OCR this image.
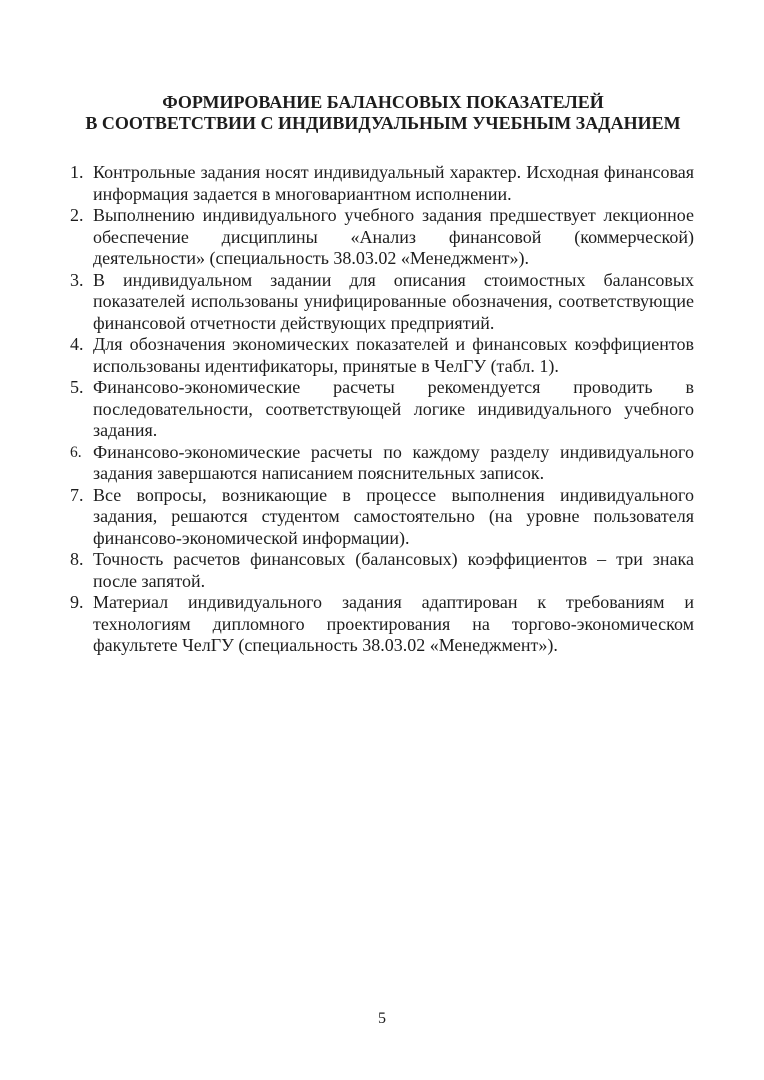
ФОРМИРОВАНИЕ БАЛАНСОВЫХ ПОКАЗАТЕЛЕЙ
В СООТВЕТСТВИИ С ИНДИВИДУАЛЬНЫМ УЧЕБНЫМ ЗАДАНИЕМ
1. Контрольные задания носят индивидуальный характер. Исходная финансовая информация задается в многовариантном исполнении.
2. Выполнению индивидуального учебного задания предшествует лекционное обеспечение дисциплины «Анализ финансовой (коммерческой) деятельности» (специальность 38.03.02 «Менеджмент»).
3. В индивидуальном задании для описания стоимостных балансовых показателей использованы унифицированные обозначения, соответствующие финансовой отчетности действующих предприятий.
4. Для обозначения экономических показателей и финансовых коэффициентов использованы идентификаторы, принятые в ЧелГУ (табл. 1).
5. Финансово-экономические расчеты рекомендуется проводить в последовательности, соответствующей логике индивидуального учебного задания.
6. Финансово-экономические расчеты по каждому разделу индивидуального задания завершаются написанием пояснительных записок.
7. Все вопросы, возникающие в процессе выполнения индивидуального задания, решаются студентом самостоятельно (на уровне пользователя финансово-экономической информации).
8. Точность расчетов финансовых (балансовых) коэффициентов – три знака после запятой.
9. Материал индивидуального задания адаптирован к требованиям и технологиям дипломного проектирования на торгово-экономическом факультете ЧелГУ (специальность 38.03.02 «Менеджмент»).
5
